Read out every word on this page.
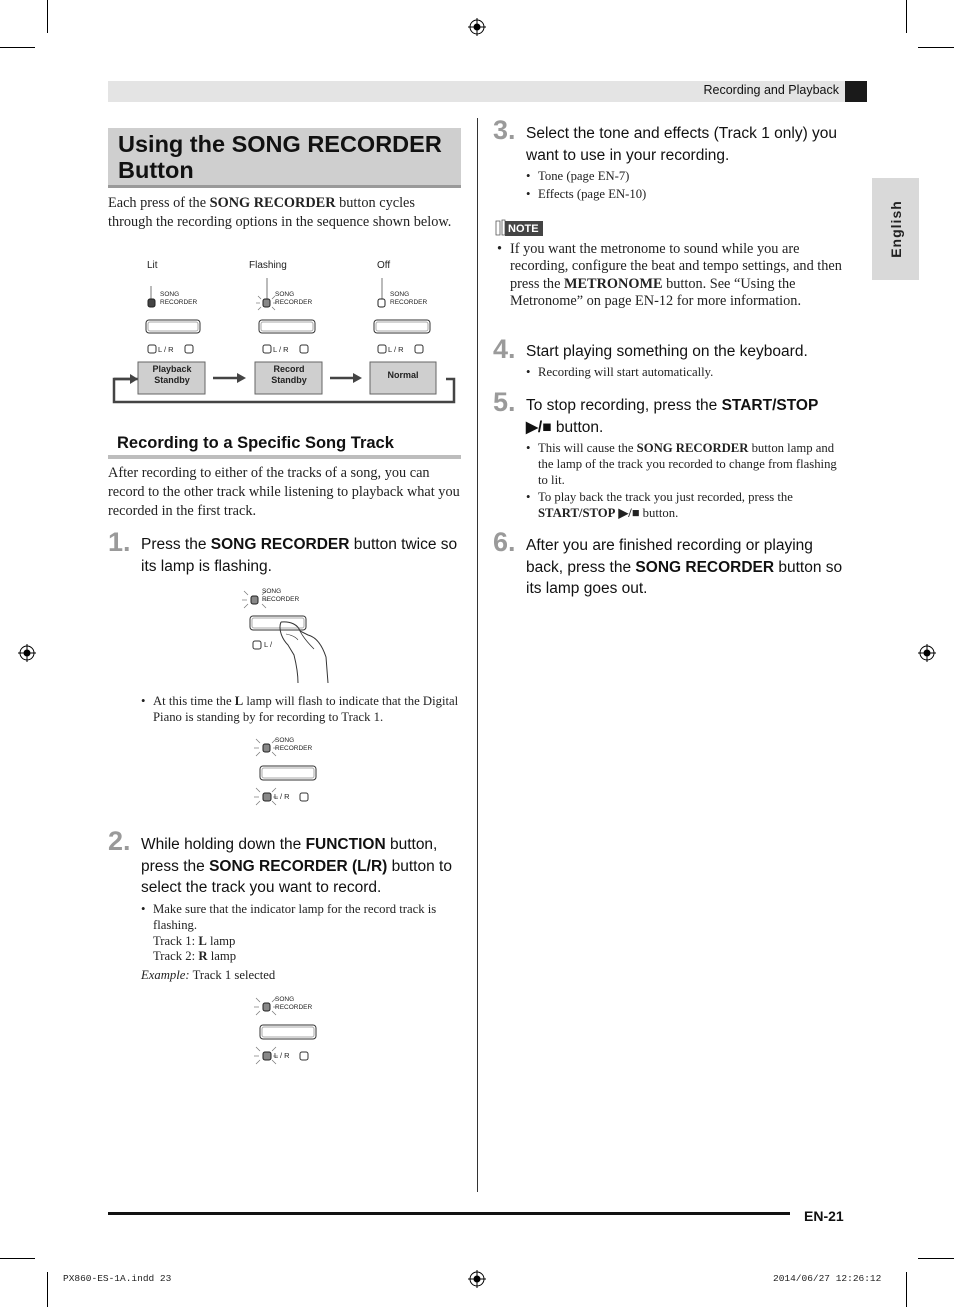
Recording and Playback
English
Using the SONG RECORDER Button
Each press of the SONG RECORDER button cycles through the recording options in the sequence shown below.
Lit	Flashing	Off
SONG
RECORDER
SONG
RECORDER
SONG
RECORDER
L / R	L / R	L / R
Playback Standby
Record Standby	Normal
Recording to a Specific Song Track
After recording to either of the tracks of a song, you can record to the other track while listening to playback what you recorded in the first track.
1. Press the SONG RECORDER button twice so its lamp is flashing.
SONG
RECORDER
L /
• At this time the L lamp will flash to indicate that the Digital Piano is standing by for recording to Track 1.
SONG
RECORDER
L / R
2. While holding down the FUNCTION button, press the SONG RECORDER (L/R) button to select the track you want to record.
• Make sure that the indicator lamp for the record track is flashing.
Track 1: L lamp
Track 2: R lamp
Example: Track 1 selected
SONG
RECORDER
L / R
3. Select the tone and effects (Track 1 only) you want to use in your recording.
• Tone (page EN-7)
• Effects (page EN-10)
NOTE
• If you want the metronome to sound while you are recording, configure the beat and tempo settings, and then press the METRONOME button. See “Using the Metronome” on page EN-12 for more information.
4. Start playing something on the keyboard.
• Recording will start automatically.
5. To stop recording, press the START/STOP
▶/■ button.
• This will cause the SONG RECORDER button lamp and the lamp of the track you recorded to change from flashing to lit.
• To play back the track you just recorded, press the START/STOP ▶/■ button.
6. After you are finished recording or playing back, press the SONG RECORDER button so its lamp goes out.
EN-21
PX860-ES-1A.indd 23	2014/06/27 12:26:12
